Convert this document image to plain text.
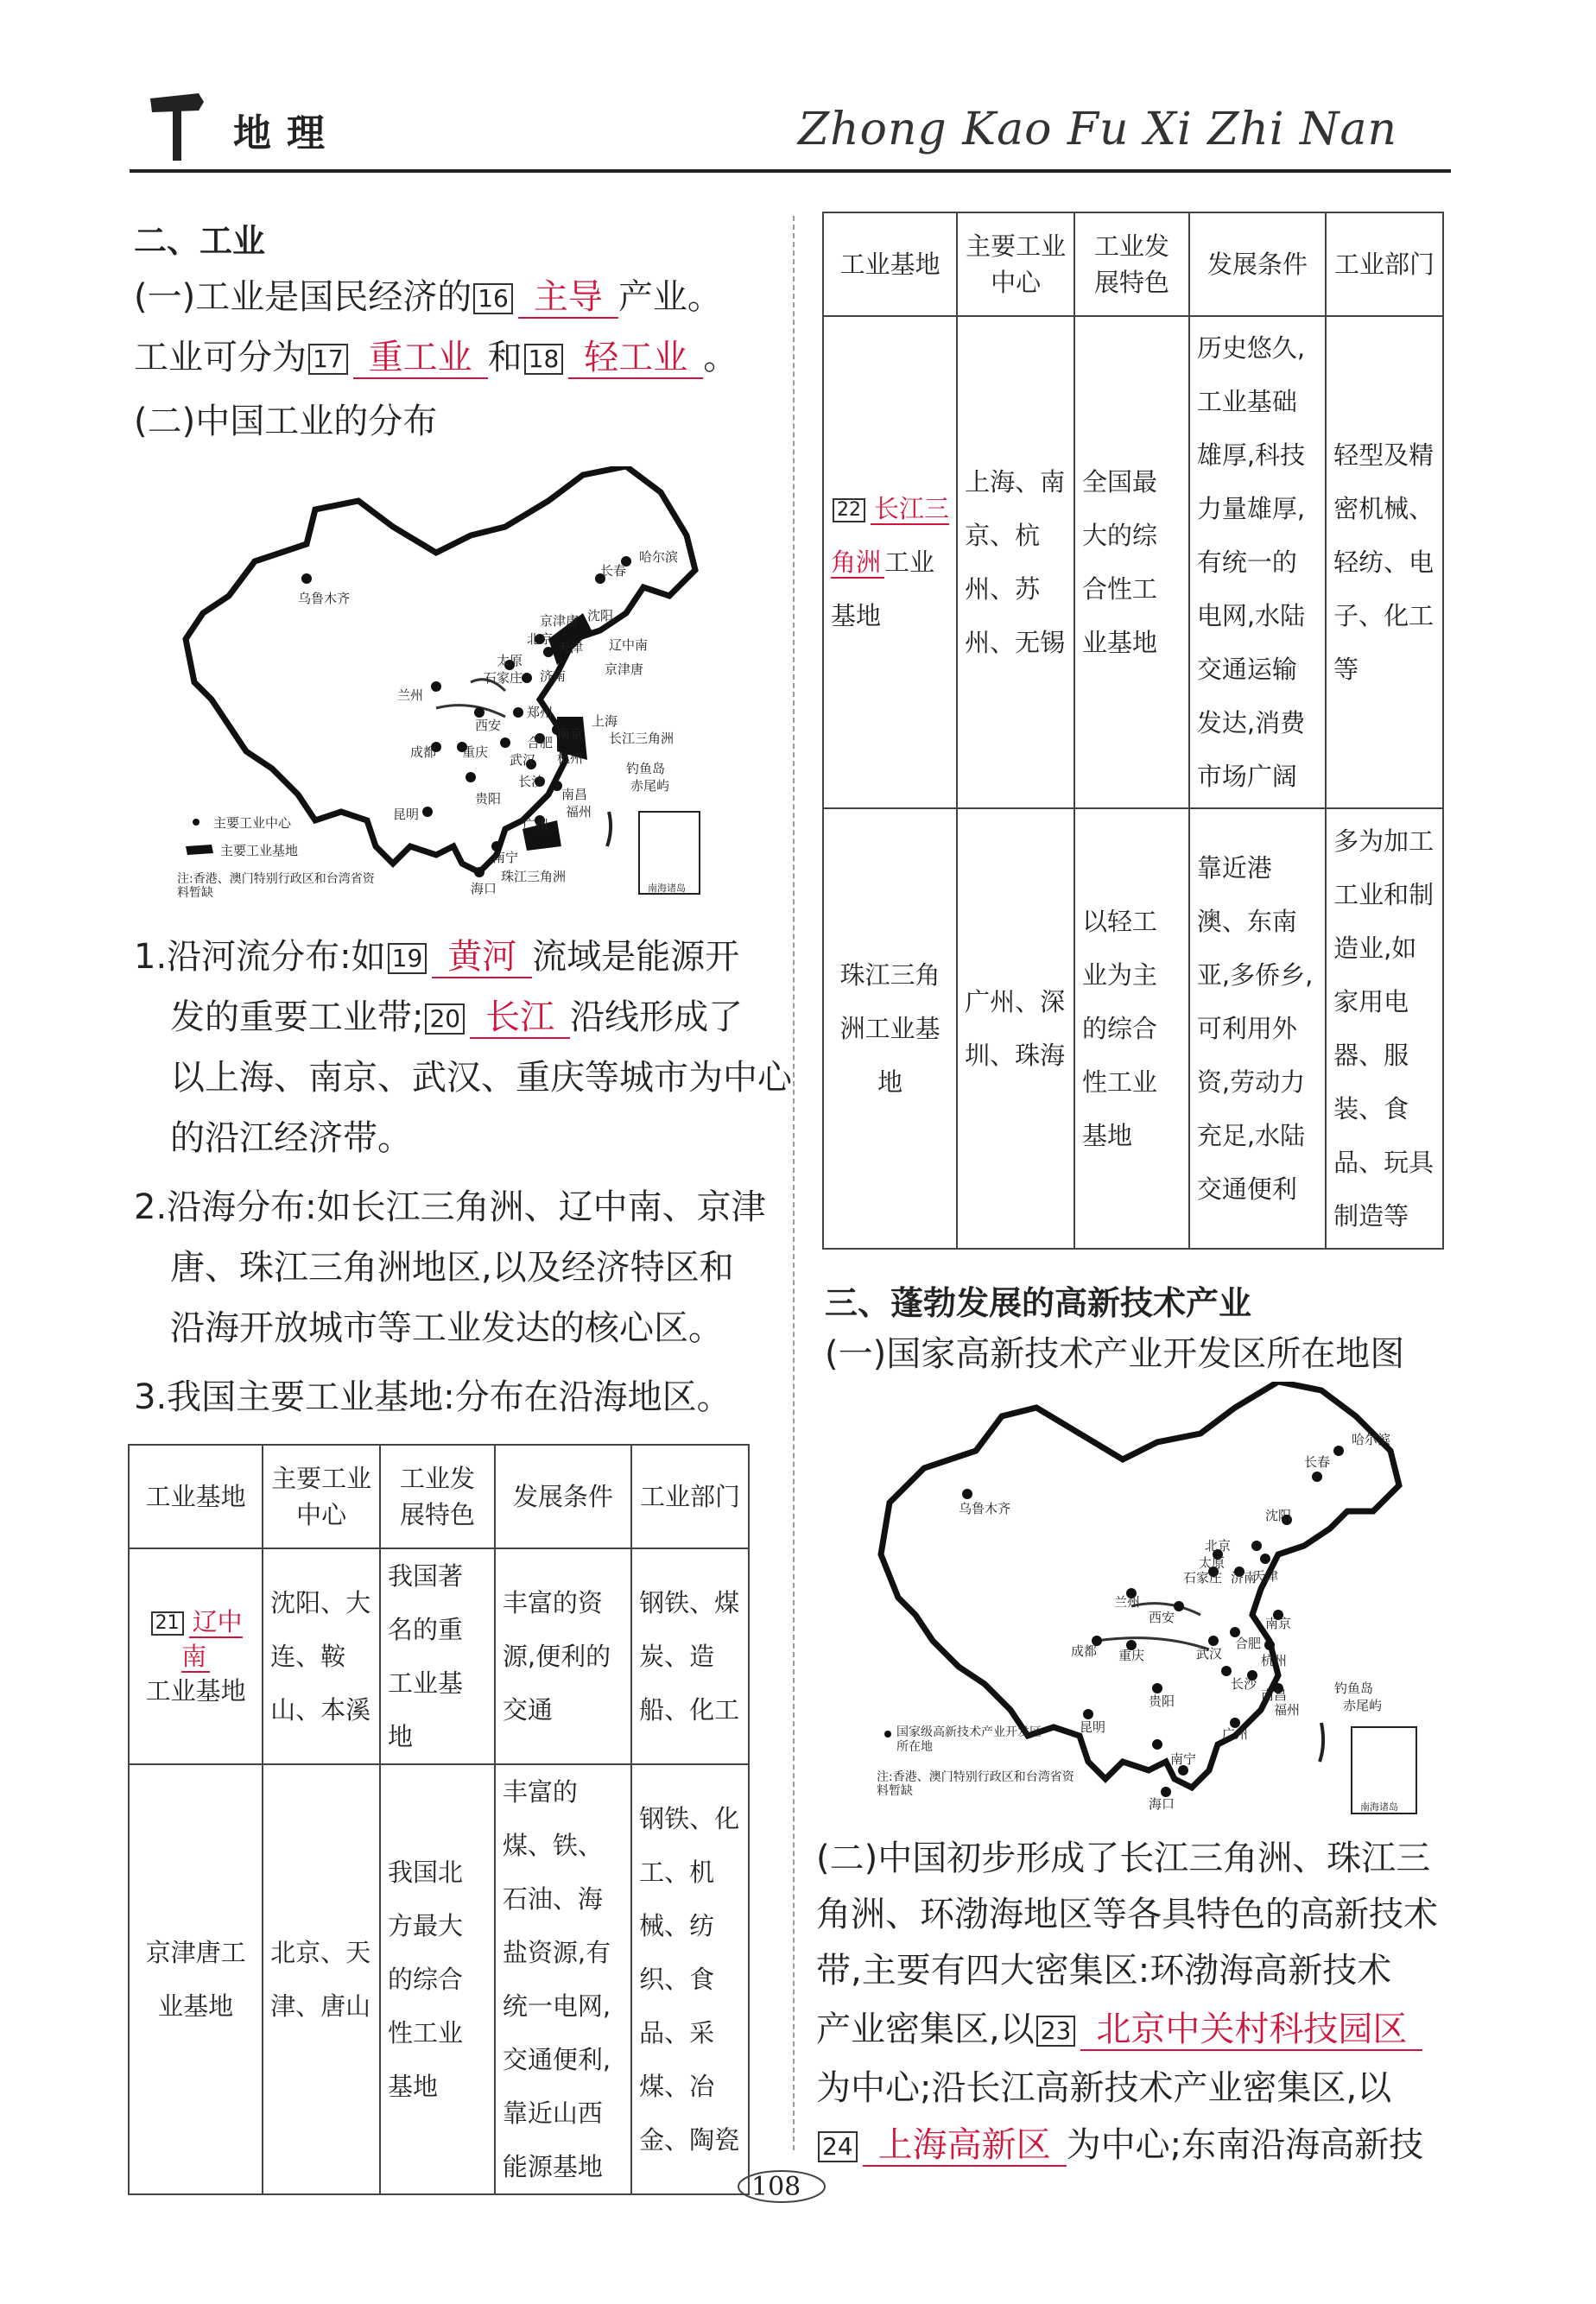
地理	Zhong Kao Fu Xi Zhi Nan
二、工业
(一)工业是国民经济的 16 主导 产业。
工业可分为 17 重工业 和 18 轻工业 。
(二)中国工业的分布
乌鲁木齐
哈尔滨
长春
沈阳
京津唐
北京
天津 辽中南
太原
石家庄 济南	京津唐
兰州
西安
郑州
南京
上海
长江三角洲
成都 重庆 武汉
合肥
杭州
钓鱼岛
赤尾屿
长沙
南昌
贵阳
福州
昆明
广州
南宁
珠江三角洲
海口	南海诸岛
主要工业中心
主要工业基地
注:香港、澳门特别行政区和台湾省资料暂缺
1.沿河流分布:如 19 黄河 流域是能源开
发的重要工业带; 20 长江 沿线形成了
以上海、南京、武汉、重庆等城市为中心
的沿江经济带。
2.沿海分布:如长江三角洲、辽中南、京津
唐、珠江三角洲地区,以及经济特区和
沿海开放城市等工业发达的核心区。
3.我国主要工业基地:分布在沿海地区。
工业基地	主要工业中心	工业发展特色	发展条件	工业部门
21 辽中南
工业基地	沈阳、大连、鞍山、本溪	我国著名的重工业基地	丰富的资源,便利的交通	钢铁、煤炭、造船、化工
京津唐工业基地	北京、天津、唐山	我国北方最大的综合性工业基地	丰富的煤、铁、石油、海盐资源,有统一电网,交通便利,靠近山西能源基地	钢铁、化工、机械、纺织、食品、采煤、冶金、陶瓷
工业基地	主要工业中心	工业发展特色	发展条件	工业部门
22 长江三角洲 工业基地	上海、南京、杭州、苏州、无锡	全国最大的综合性工业基地	历史悠久,工业基础雄厚,科技力量雄厚,有统一的电网,水陆交通运输发达,消费市场广阔	轻型及精密机械、轻纺、电子、化工等
珠江三角洲工业基地	广州、深圳、珠海	以轻工业为主的综合性工业基地	靠近港澳、东南亚,多侨乡,可利用外资,劳动力充足,水陆交通便利	多为加工工业和制造业,如家用电器、服装、食品、玩具制造等
三、蓬勃发展的高新技术产业
(一)国家高新技术产业开发区所在地图
哈尔滨
长春
乌鲁木齐	沈阳
北京
天津
太原
石家庄 济南
兰州
西安	南京
成都 重庆	武汉
合肥
杭州
钓鱼岛
赤尾屿
长沙
南昌
福州
贵阳
昆明	广州
南宁
海口	南海诸岛
国家级高新技术产业开发区所在地
注:香港、澳门特别行政区和台湾省资料暂缺
(二)中国初步形成了长江三角洲、珠江三
角洲、环渤海地区等各具特色的高新技术
带,主要有四大密集区:环渤海高新技术
产业密集区,以 23 北京中关村科技园区
为中心;沿长江高新技术产业密集区,以
24 上海高新区 为中心;东南沿海高新技
108
